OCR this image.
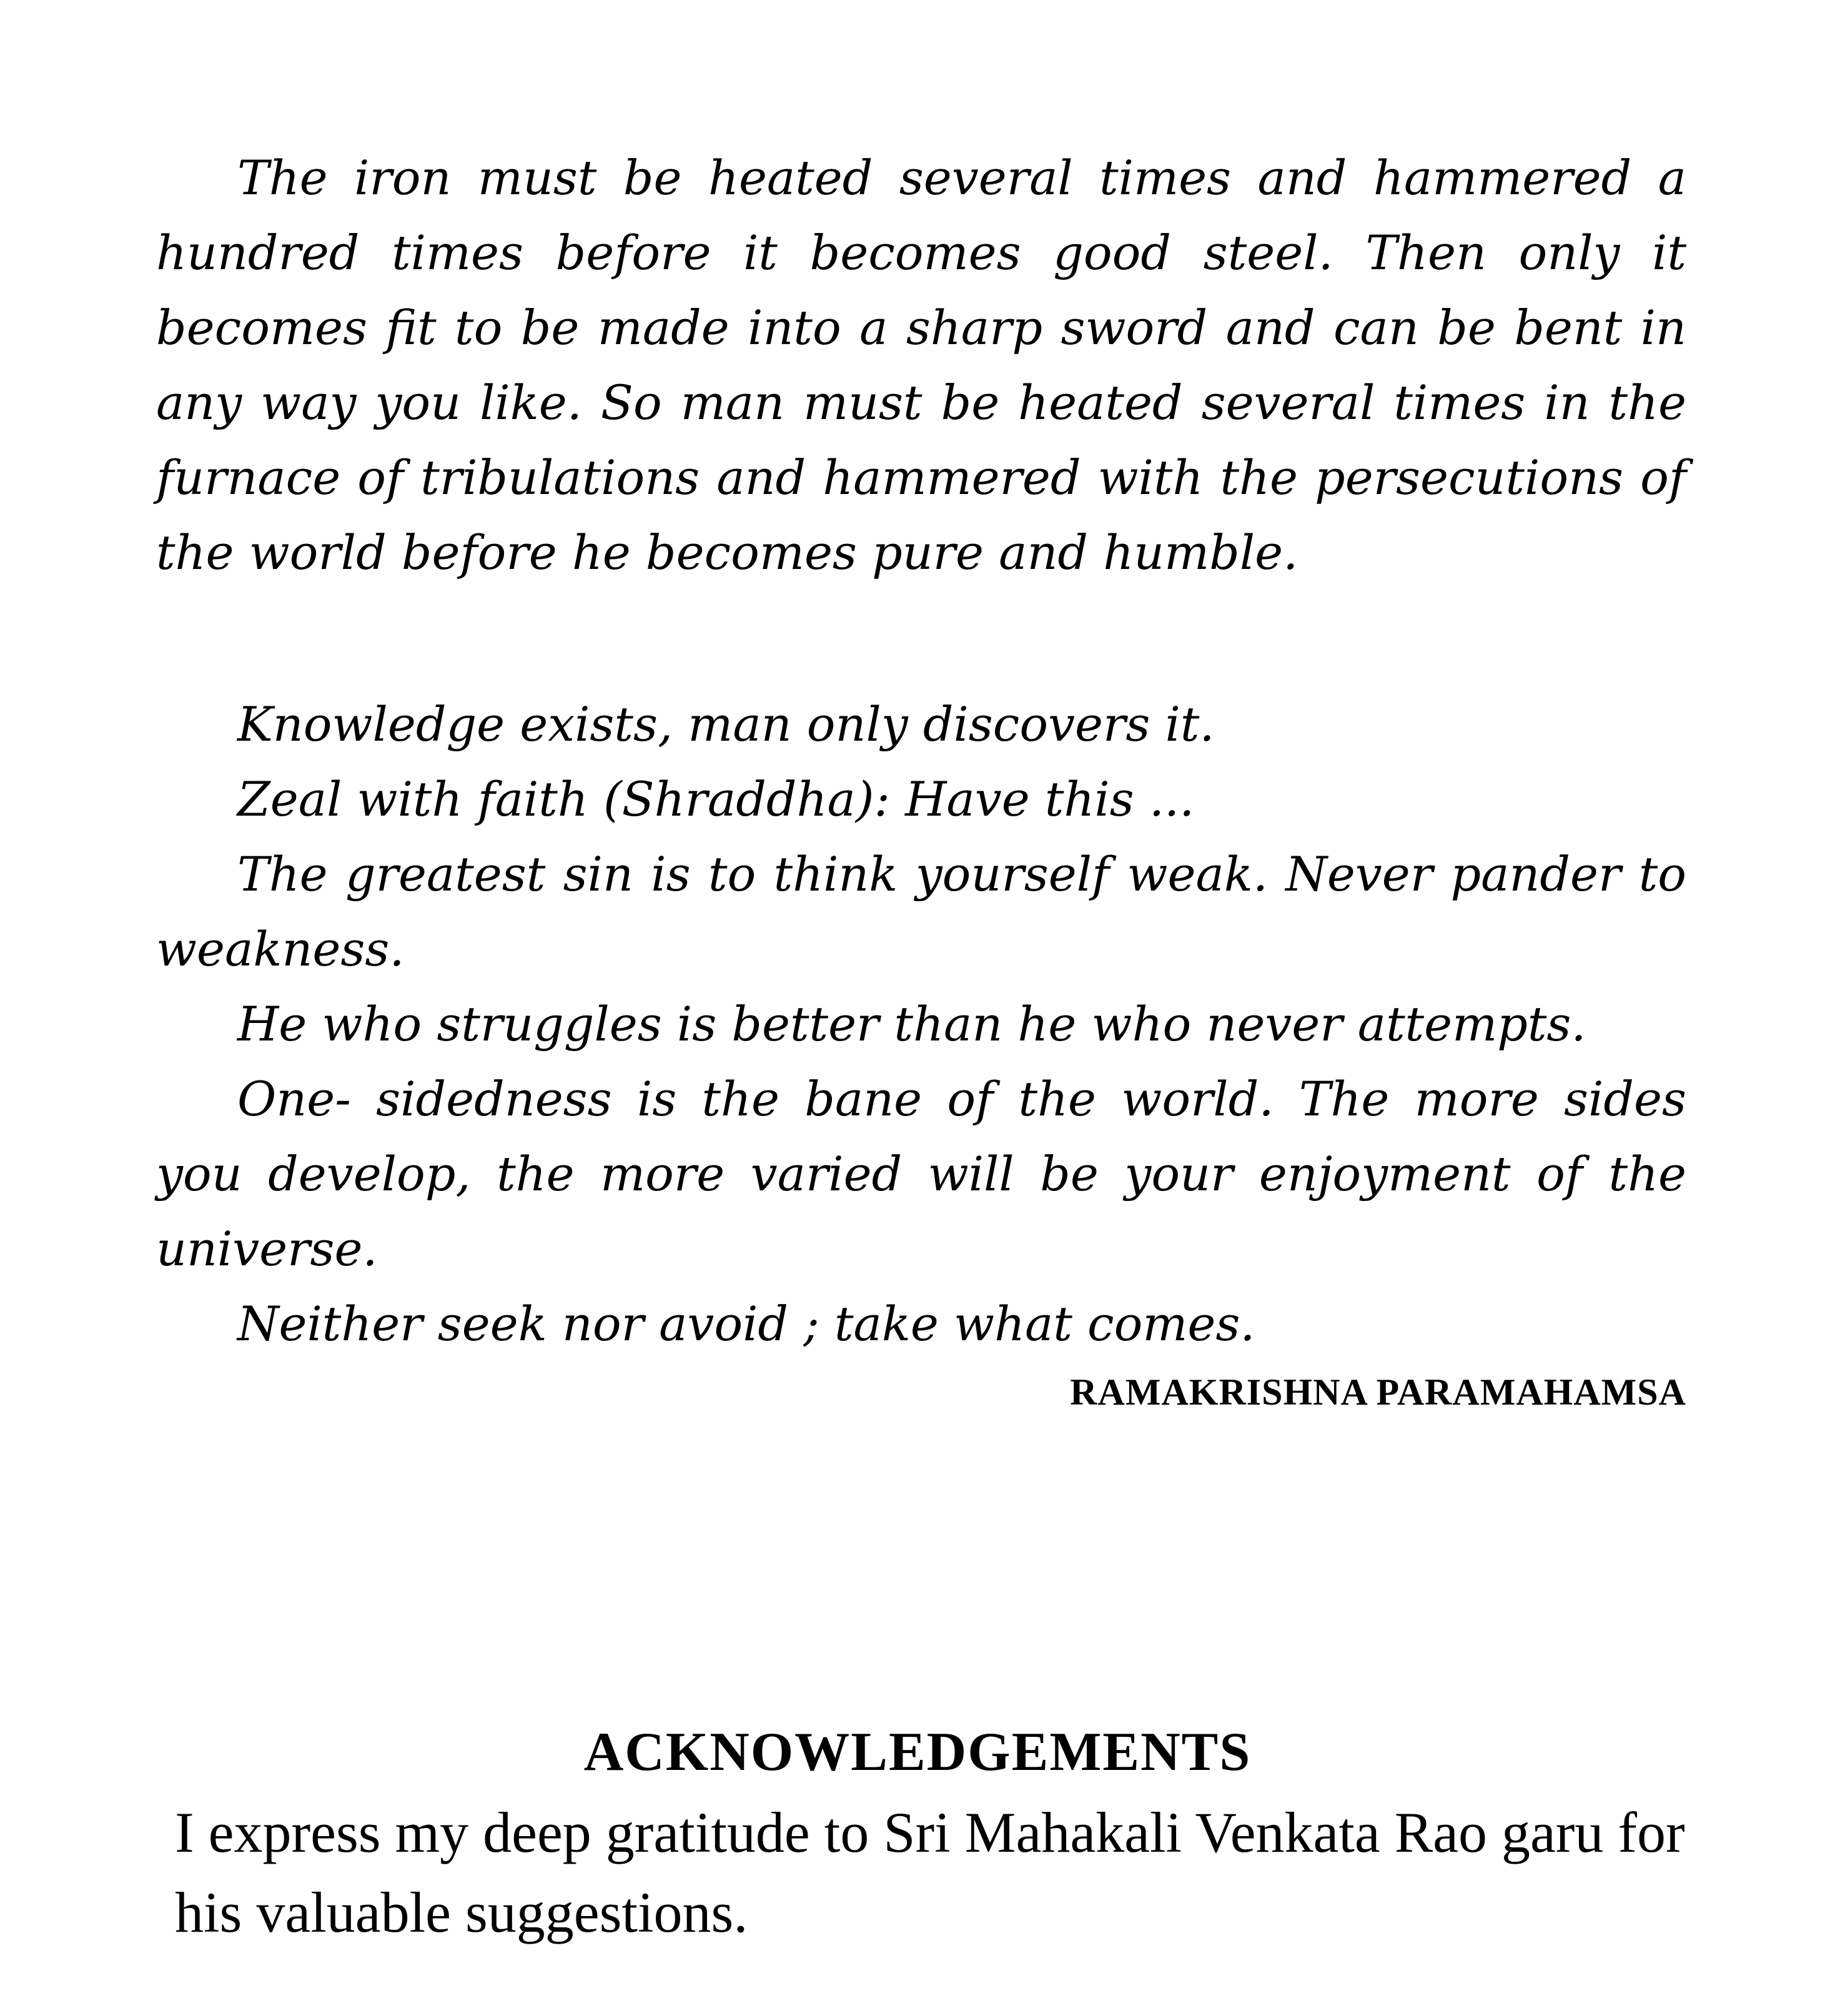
The iron must be heated several times and hammered a hundred times before it becomes good steel. Then only it becomes fit to be made into a sharp sword and can be bent in any way you like. So man must be heated several times in the furnace of tribulations and hammered with the persecutions of the world before he becomes pure and humble.

Knowledge exists, man only discovers it.

Zeal with faith (Shraddha): Have this ...

The greatest sin is to think yourself weak. Never pander to weakness.

He who struggles is better than he who never attempts.

One- sidedness is the bane of the world. The more sides you develop, the more varied will be your enjoyment of the universe.

Neither seek nor avoid ; take what comes.

RAMAKRISHNA PARAMAHAMSA
ACKNOWLEDGEMENTS

I express my deep gratitude to Sri Mahakali Venkata Rao garu for his valuable suggestions.
